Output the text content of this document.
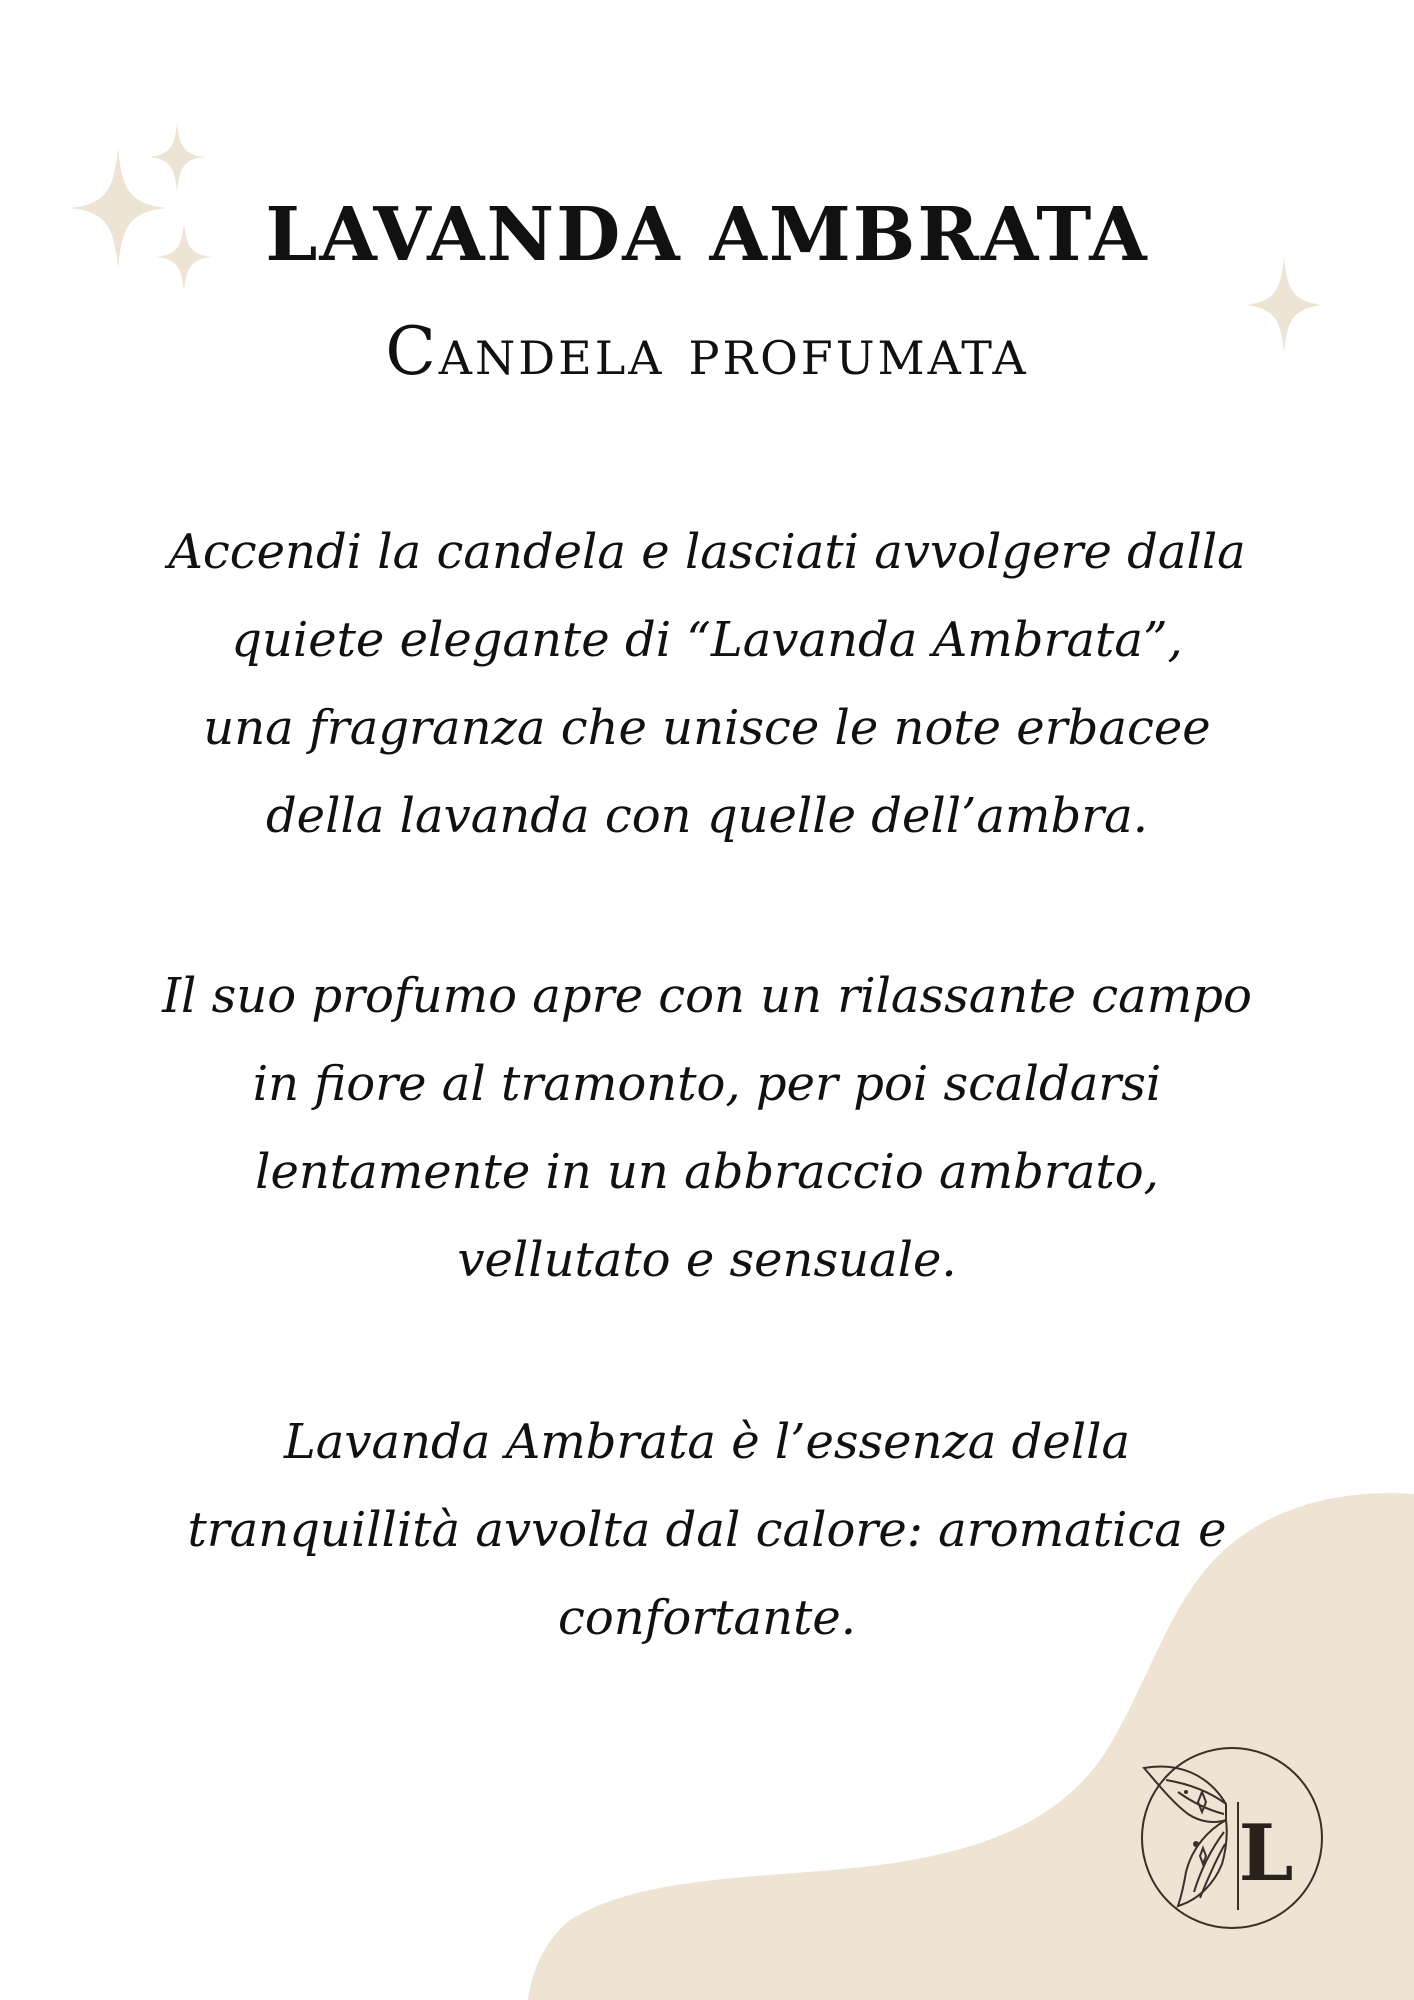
LAVANDA AMBRATA
Candela profumata

Accendi la candela e lasciati avvolgere dalla
quiete elegante di “Lavanda Ambrata”,
una fragranza che unisce le note erbacee
della lavanda con quelle dell’ambra.

Il suo profumo apre con un rilassante campo
in fiore al tramonto, per poi scaldarsi
lentamente in un abbraccio ambrato,
vellutato e sensuale.

Lavanda Ambrata è l’essenza della
tranquillità avvolta dal calore: aromatica e
confortante.

L
